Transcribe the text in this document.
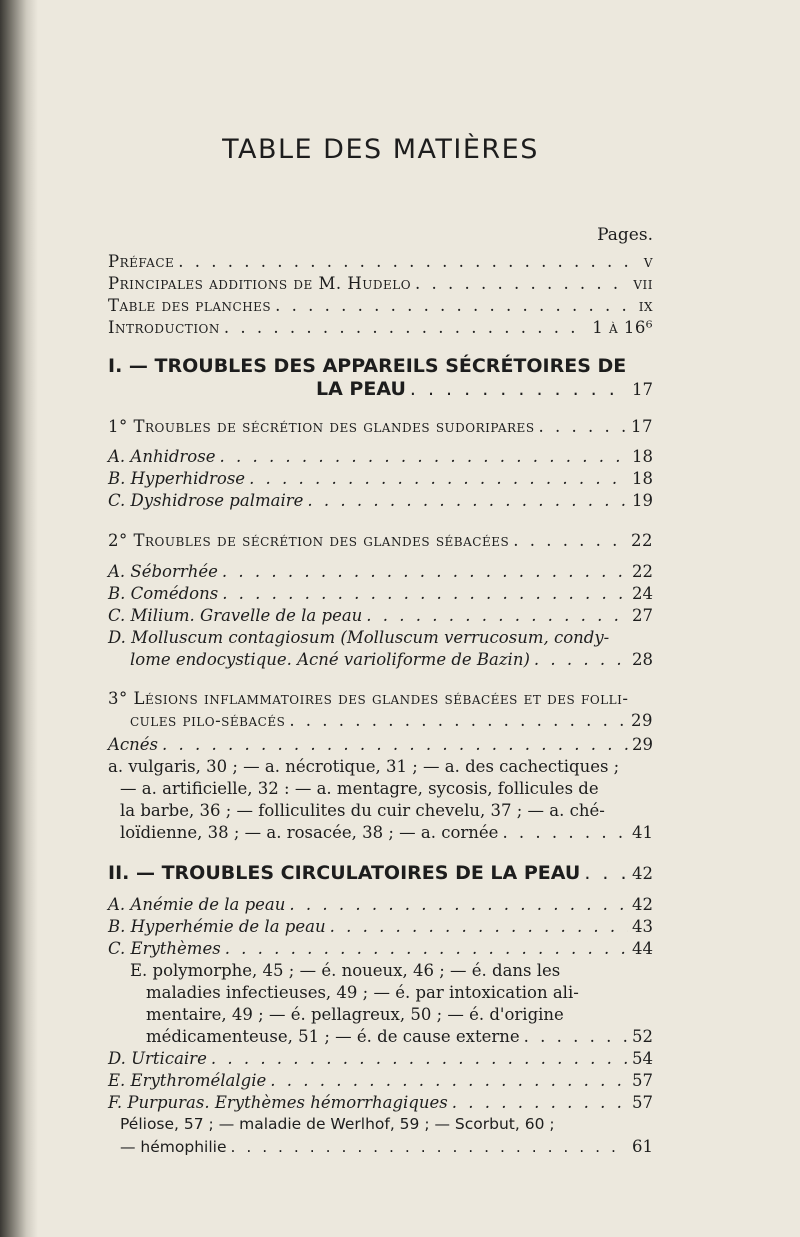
TABLE DES MATIÈRES
Pages.
Préface . . .	v
Principales additions de M. Hudelo . . .	vii
Table des planches . . .	ix
Introduction . . .	1 à 16⁶
I. — TROUBLES DES APPAREILS SÉCRÉTOIRES DE
LA PEAU . . .	17
1° Troubles de sécrétion des glandes sudoripares . . .	17
A. Anhidrose . . .	18
B. Hyperhidrose . . .	18
C. Dyshidrose palmaire . . .	19
2° Troubles de sécrétion des glandes sébacées . . .	22
A. Séborrhée . . .	22
B. Comédons . . .	24
C. Milium. Gravelle de la peau . . .	27
D. Molluscum contagiosum (Molluscum verrucosum, condy-
lome endocystique. Acné varioliforme de Bazin) . . .	28
3° Lésions inflammatoires des glandes sébacées et des folli-
cules pilo-sébacés . . .	29
Acnés . . .	29
a. vulgaris, 30 ; — a. nécrotique, 31 ; — a. des cachectiques ;
— a. artificielle, 32 : — a. mentagre, sycosis, follicules de
la barbe, 36 ; — folliculites du cuir chevelu, 37 ; — a. ché-
loïdienne, 38 ; — a. rosacée, 38 ; — a. cornée . . .	41
II. — TROUBLES CIRCULATOIRES DE LA PEAU . . .	42
A. Anémie de la peau . . .	42
B. Hyperhémie de la peau . . .	43
C. Erythèmes . . .	44
E. polymorphe, 45 ; — é. noueux, 46 ; — é. dans les
maladies infectieuses, 49 ; — é. par intoxication ali-
mentaire, 49 ; — é. pellagreux, 50 ; — é. d'origine
médicamenteuse, 51 ; — é. de cause externe . . .	52
D. Urticaire . . .	54
E. Erythromélalgie . . .	57
F. Purpuras. Erythèmes hémorrhagiques . . .	57
Péliose, 57 ; — maladie de Werlhof, 59 ; — Scorbut, 60 ;
— hémophilie . . .	61
